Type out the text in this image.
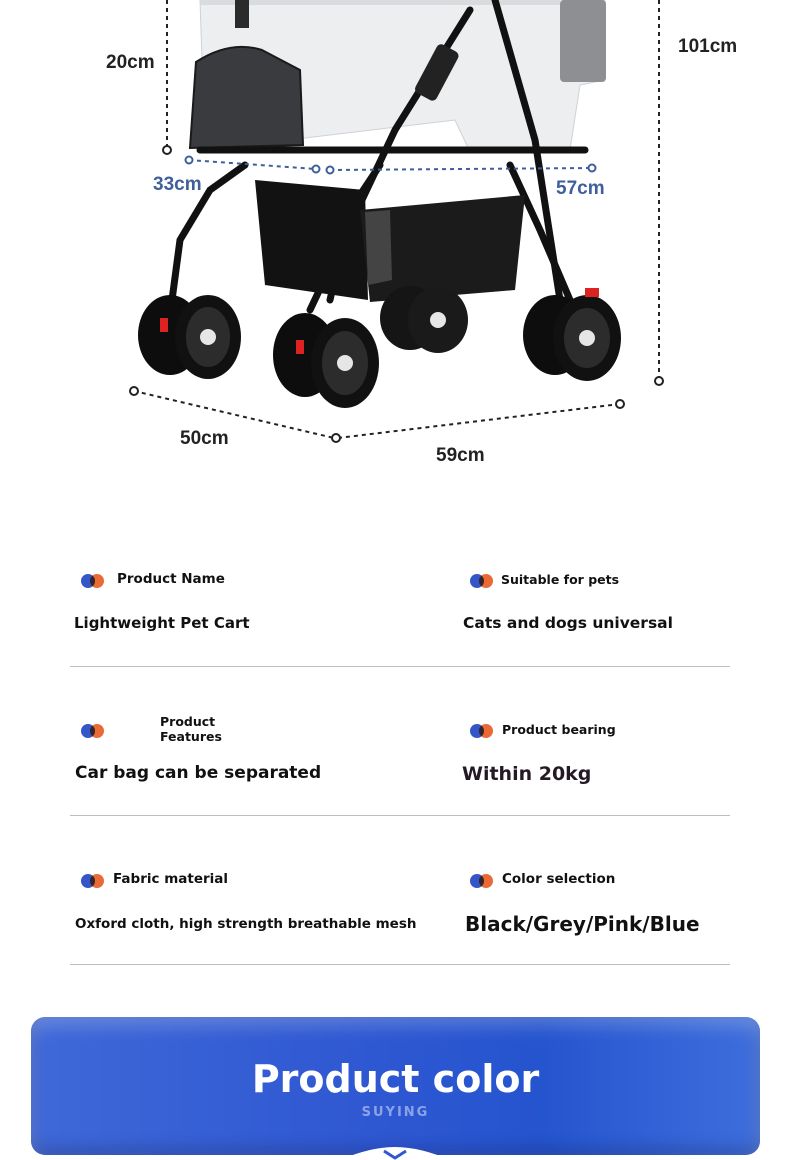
20cm
101cm
33cm	57cm
50cm
59cm
Product Name
Lightweight Pet Cart
Suitable for pets
Cats and dogs universal
Product Features
Car bag can be separated
Product bearing
Within 20kg
Fabric material
Oxford cloth, high strength breathable mesh
Color selection
Black/Grey/Pink/Blue
Product color
SUYING
